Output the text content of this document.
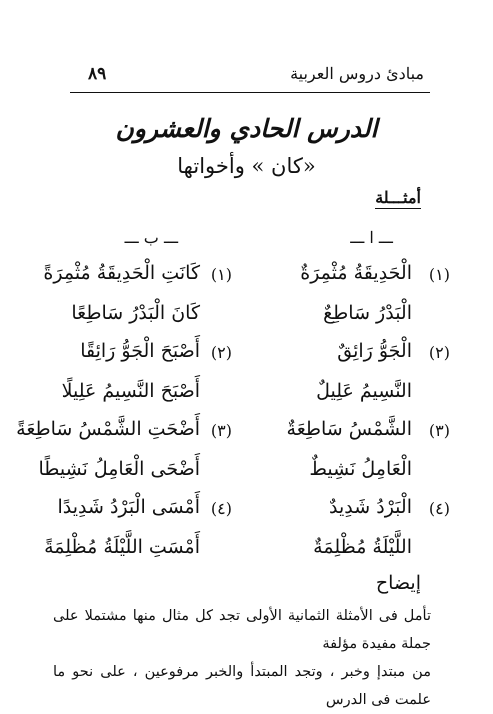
٨٩	مبادئ دروس العربية
الدرس الحادي والعشرون
«كان » وأخواتها
أمثـــلة
ـــ ا ـــ
ـــ ب ـــ
(١)
الْحَدِيقَةُ مُثْمِرَةٌ
(١)
كَانَتِ الْحَدِيقَةُ مُثْمِرَةً
الْبَدْرُ سَاطِعٌ
كَانَ الْبَدْرُ سَاطِعًا
(٢)
الْجَوُّ رَائِقٌ
(٢)
أَصْبَحَ الْجَوُّ رَائِقًا
النَّسِيمُ عَلِيلٌ
أَصْبَحَ النَّسِيمُ عَلِيلًا
(٣)
الشَّمْسُ سَاطِعَةٌ
(٣)
أَضْحَتِ الشَّمْسُ سَاطِعَةً
الْعَامِلُ نَشِيطٌ
أَضْحَى الْعَامِلُ نَشِيطًا
(٤)
الْبَرْدُ شَدِيدٌ
(٤)
أَمْسَى الْبَرْدُ شَدِيدًا
اللَّيْلَةُ مُظْلِمَةٌ
أَمْسَتِ اللَّيْلَةُ مُظْلِمَةً
إيضاح

تأمل فى الأمثلة الثمانية الأولى تجد كل مثال منها مشتملا على جملة مفيدة مؤلفة

من مبتدإ وخبر ، وتجد المبتدأ والخبر مرفوعين ، على نحو ما علمت فى الدرس
